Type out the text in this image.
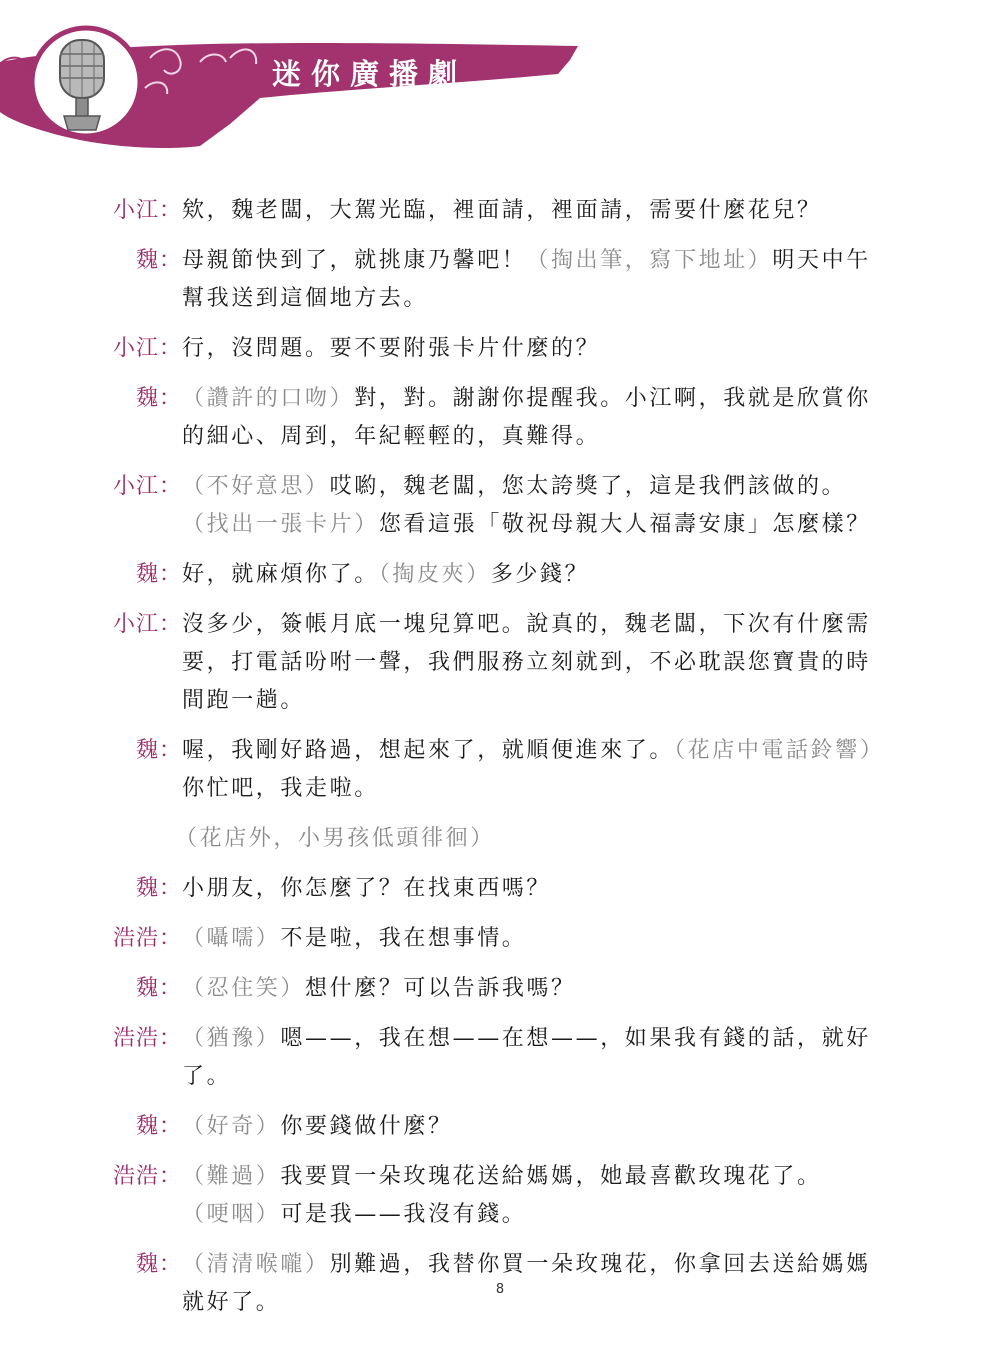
迷你廣播劇
小江： 欸，魏老闆，大駕光臨，裡面請，裡面請，需要什麼花兒？
魏： 母親節快到了，就挑康乃馨吧！（掏出筆，寫下地址）明天中午幫我送到這個地方去。
小江： 行，沒問題。要不要附張卡片什麼的？
魏： （讚許的口吻）對，對。謝謝你提醒我。小江啊，我就是欣賞你的細心、周到，年紀輕輕的，真難得。
小江： （不好意思）哎喲，魏老闆，您太誇獎了，這是我們該做的。
（找出一張卡片）您看這張「敬祝母親大人福壽安康」怎麼樣？
魏： 好，就麻煩你了。（掏皮夾）多少錢？
小江： 沒多少，簽帳月底一塊兒算吧。說真的，魏老闆，下次有什麼需要，打電話吩咐一聲，我們服務立刻就到，不必耽誤您寶貴的時間跑一趟。
魏： 喔，我剛好路過，想起來了，就順便進來了。（花店中電話鈴響）你忙吧，我走啦。
（花店外，小男孩低頭徘徊）
魏： 小朋友，你怎麼了？在找東西嗎？
浩浩： （囁嚅）不是啦，我在想事情。
魏： （忍住笑）想什麼？可以告訴我嗎？
浩浩： （猶豫）嗯——，我在想——在想——，如果我有錢的話，就好了。
魏： （好奇）你要錢做什麼？
浩浩： （難過）我要買一朵玫瑰花送給媽媽，她最喜歡玫瑰花了。
（哽咽）可是我——我沒有錢。
魏： （清清喉嚨）別難過，我替你買一朵玫瑰花，你拿回去送給媽媽就好了。
8
